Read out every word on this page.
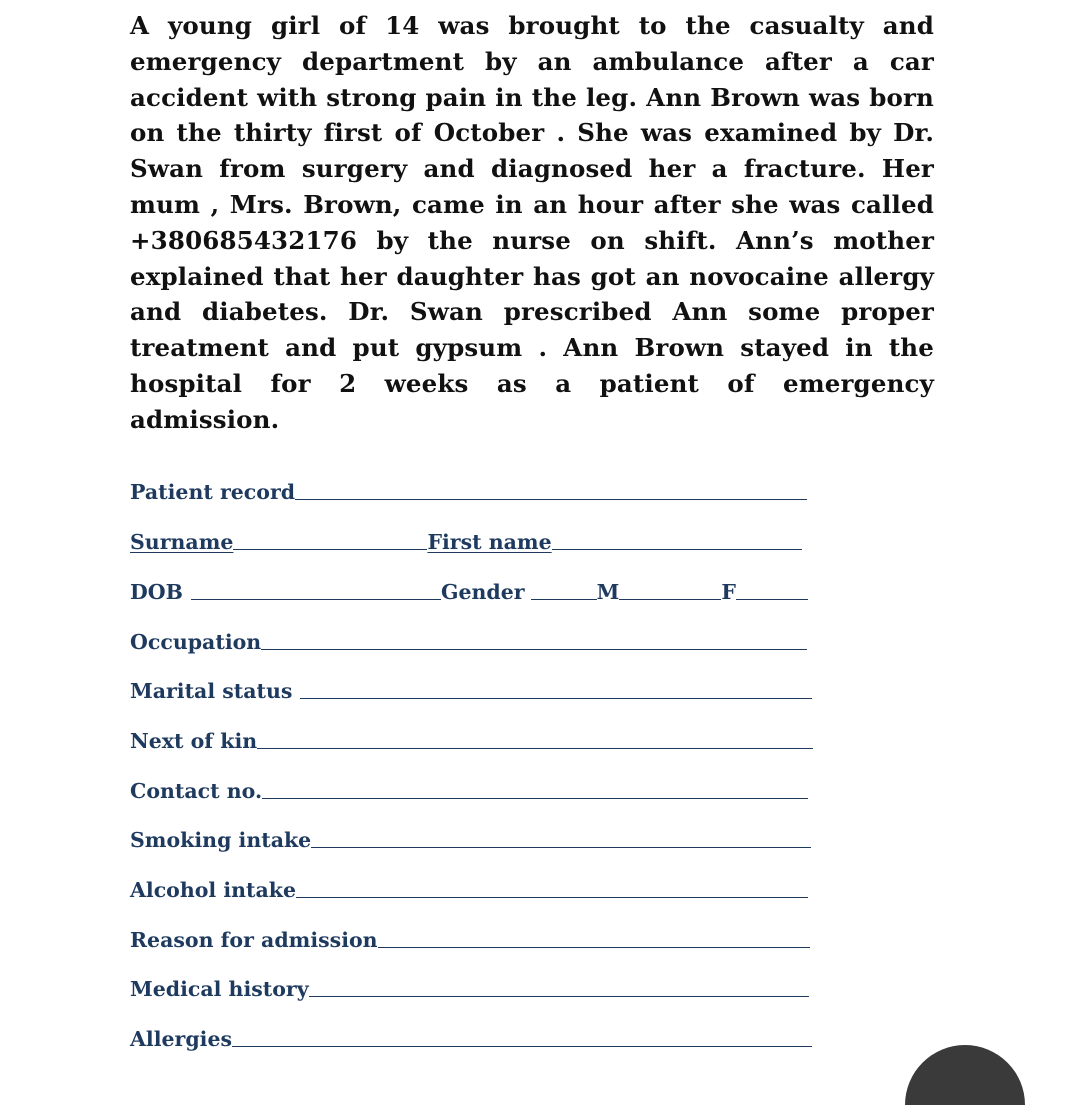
A young girl of 14 was brought to the casualty and emergency department by an ambulance after a car accident with strong pain in the leg. Ann Brown was born on the thirty first of October . She was examined by Dr. Swan from surgery and diagnosed her a fracture. Her mum , Mrs. Brown, came in an hour after she was called +380685432176 by the nurse on shift. Ann’s mother explained that her daughter has got an novocaine allergy and diabetes. Dr. Swan prescribed Ann some proper treatment and put gypsum . Ann Brown stayed in the hospital for 2 weeks as a patient of emergency admission.

Patient record
Surname	First name
DOB	Gender	M	F
Occupation
Marital status
Next of kin
Contact no.
Smoking intake
Alcohol intake
Reason for admission
Medical history
Allergies
